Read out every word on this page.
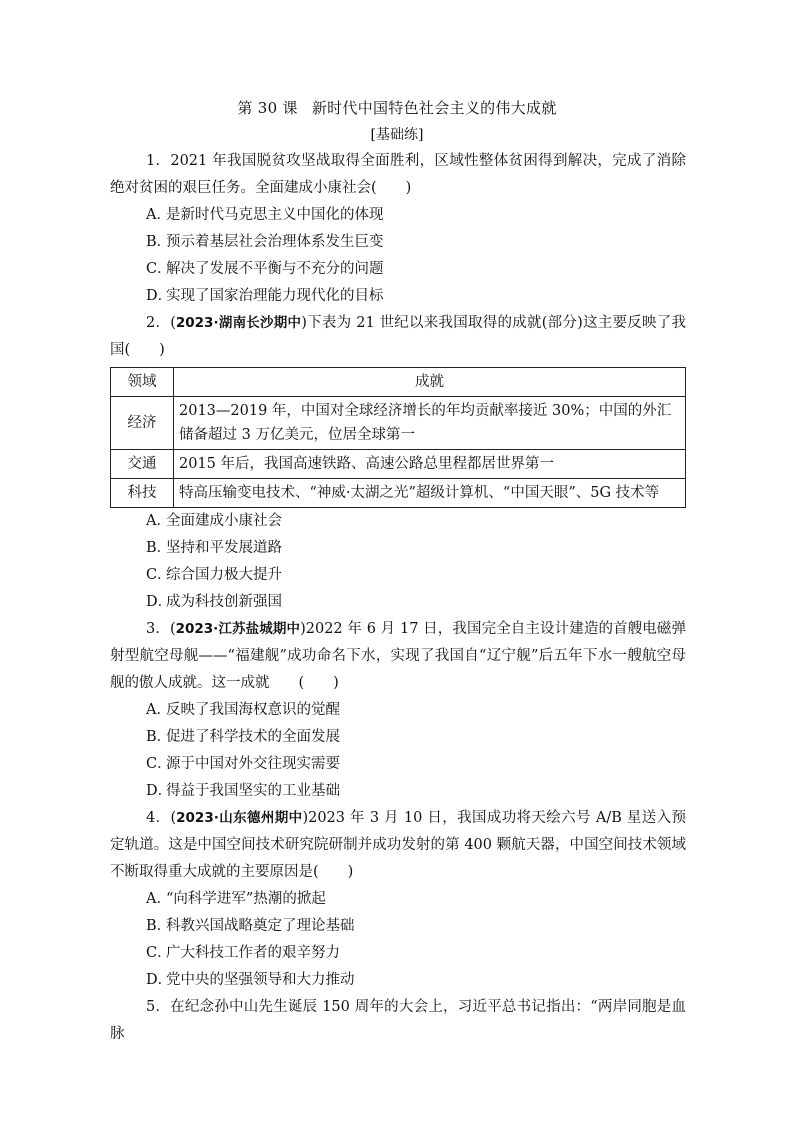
第 30 课 新时代中国特色社会主义的伟大成就
[基础练]

1．2021 年我国脱贫攻坚战取得全面胜利，区域性整体贫困得到解决，完成了消除绝对贫困的艰巨任务。全面建成小康社会(　　)

A．是新时代马克思主义中国化的体现

B．预示着基层社会治理体系发生巨变

C．解决了发展不平衡与不充分的问题

D．实现了国家治理能力现代化的目标

2．(2023·湖南长沙期中)下表为 21 世纪以来我国取得的成就(部分)这主要反映了我国(　　)

领域	成就
经济	2013—2019 年，中国对全球经济增长的年均贡献率接近 30%；中国的外汇储备超过 3 万亿美元，位居全球第一
交通	2015 年后，我国高速铁路、高速公路总里程都居世界第一
科技	特高压输变电技术、“神威·太湖之光”超级计算机、“中国天眼”、5G 技术等

A．全面建成小康社会

B．坚持和平发展道路

C．综合国力极大提升

D．成为科技创新强国

3．(2023·江苏盐城期中)2022 年 6 月 17 日，我国完全自主设计建造的首艘电磁弹射型航空母舰——“福建舰”成功命名下水，实现了我国自“辽宁舰”后五年下水一艘航空母舰的傲人成就。这一成就　　(　　)

A．反映了我国海权意识的觉醒

B．促进了科学技术的全面发展

C．源于中国对外交往现实需要

D．得益于我国坚实的工业基础

4．(2023·山东德州期中)2023 年 3 月 10 日，我国成功将天绘六号 A/B 星送入预定轨道。这是中国空间技术研究院研制并成功发射的第 400 颗航天器，中国空间技术领域不断取得重大成就的主要原因是(　　)

A．“向科学进军”热潮的掀起

B．科教兴国战略奠定了理论基础

C．广大科技工作者的艰辛努力

D．党中央的坚强领导和大力推动

5．在纪念孙中山先生诞辰 150 周年的大会上，习近平总书记指出：“两岸同胞是血脉
